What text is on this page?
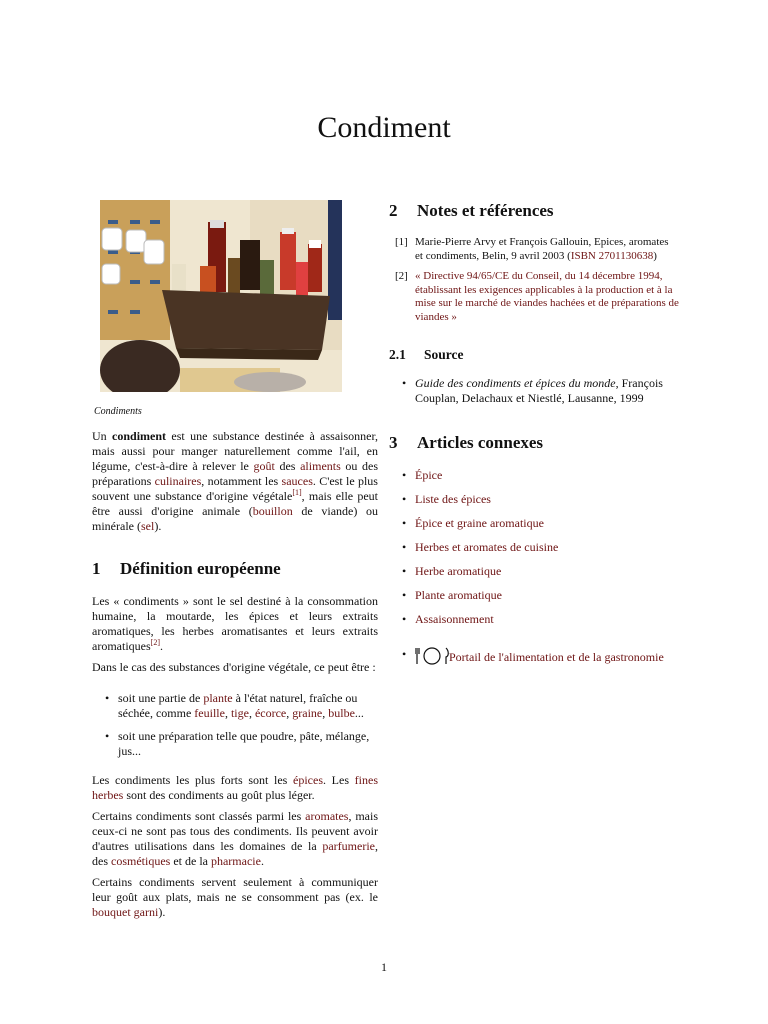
Condiment
Condiments

Un condiment est une substance destinée à assaisonner, mais aussi pour manger naturellement comme l'ail, en légume, c'est-à-dire à relever le goût des aliments ou des préparations culinaires, notamment les sauces. C'est le plus souvent une substance d'origine végétale[1], mais elle peut être aussi d'origine animale (bouillon de viande) ou minérale (sel).

1 Définition européenne

Les « condiments » sont le sel destiné à la consommation humaine, la moutarde, les épices et leurs extraits aromatiques, les herbes aromatisantes et leurs extraits aromatiques[2].

Dans le cas des substances d'origine végétale, ce peut être :

• soit une partie de plante à l'état naturel, fraîche ou séchée, comme feuille, tige, écorce, graine, bulbe...
• soit une préparation telle que poudre, pâte, mélange, jus...

Les condiments les plus forts sont les épices. Les fines herbes sont des condiments au goût plus léger.

Certains condiments sont classés parmi les aromates, mais ceux-ci ne sont pas tous des condiments. Ils peuvent avoir d'autres utilisations dans les domaines de la parfumerie, des cosmétiques et de la pharmacie.

Certains condiments servent seulement à communiquer leur goût aux plats, mais ne se consomment pas (ex. le bouquet garni).

2 Notes et références
[1] Marie-Pierre Arvy et François Gallouin, Epices, aromates et condiments, Belin, 9 avril 2003 (ISBN 2701130638)
[2] « Directive 94/65/CE du Conseil, du 14 décembre 1994, établissant les exigences applicables à la production et à la mise sur le marché de viandes hachées et de préparations de viandes »
2.1 Source
• Guide des condiments et épices du monde, François Couplan, Delachaux et Niestlé, Lausanne, 1999
3 Articles connexes
• Épice
• Liste des épices
• Épice et graine aromatique
• Herbes et aromates de cuisine
• Herbe aromatique
• Plante aromatique
• Assaisonnement
• Portail de l'alimentation et de la gastronomie
1
